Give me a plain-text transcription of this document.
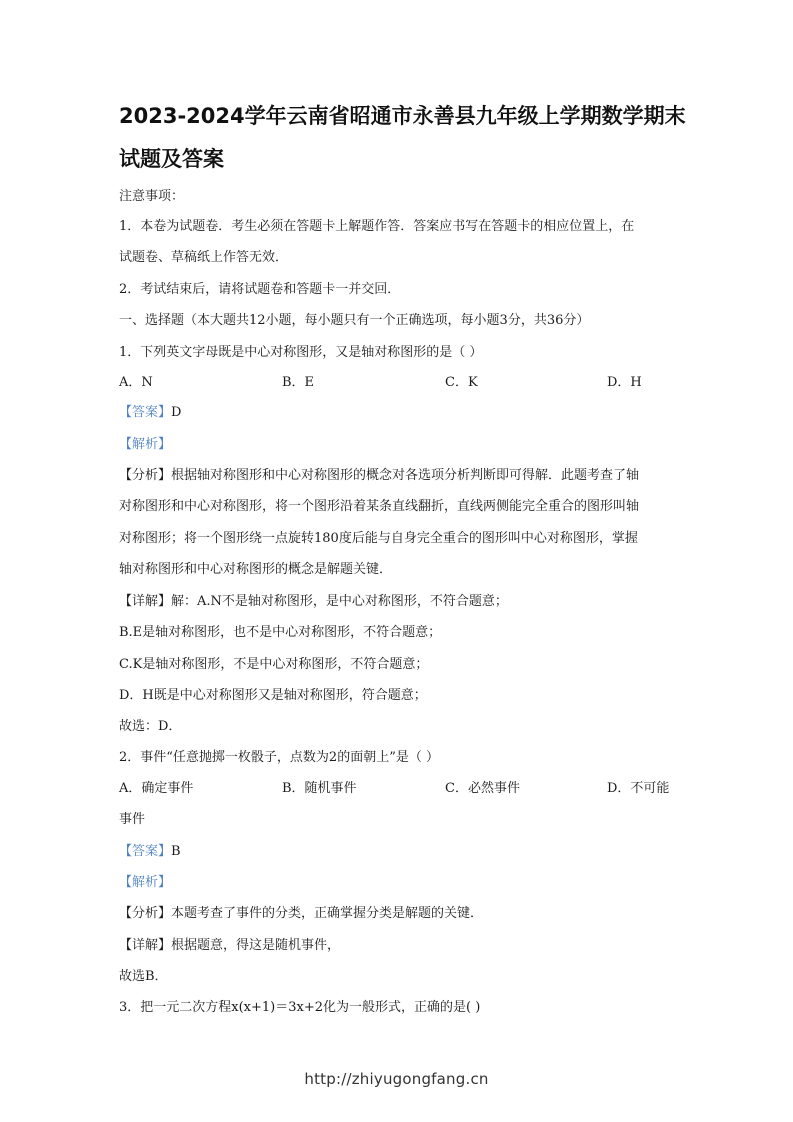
2023-2024学年云南省昭通市永善县九年级上学期数学期末
试题及答案
注意事项：
1．本卷为试题卷．考生必须在答题卡上解题作答．答案应书写在答题卡的相应位置上，在
试题卷、草稿纸上作答无效．
2．考试结束后，请将试题卷和答题卡一并交回．
一、选择题（本大题共12小题，每小题只有一个正确选项，每小题3分，共36分）
1．下列英文字母既是中心对称图形，又是轴对称图形的是（ ）
A．N	B．E	C．K	D．H
【答案】D
【解析】
【分析】根据轴对称图形和中心对称图形的概念对各选项分析判断即可得解．此题考查了轴
对称图形和中心对称图形，将一个图形沿着某条直线翻折，直线两侧能完全重合的图形叫轴
对称图形；将一个图形绕一点旋转180度后能与自身完全重合的图形叫中心对称图形，掌握
轴对称图形和中心对称图形的概念是解题关键．
【详解】解：A.N不是轴对称图形，是中心对称图形，不符合题意；
B.E是轴对称图形，也不是中心对称图形，不符合题意；
C.K是轴对称图形，不是中心对称图形，不符合题意；
D．H既是中心对称图形又是轴对称图形，符合题意；
故选：D．
2．事件“任意抛掷一枚骰子，点数为2的面朝上”是（ ）
A．确定事件	B．随机事件	C．必然事件	D．不可能
事件
【答案】B
【解析】
【分析】本题考查了事件的分类，正确掌握分类是解题的关键．
【详解】根据题意，得这是随机事件，
故选B．
3．把一元二次方程x(x+1)＝3x+2化为一般形式，正确的是( )
http://zhiyugongfang.cn
